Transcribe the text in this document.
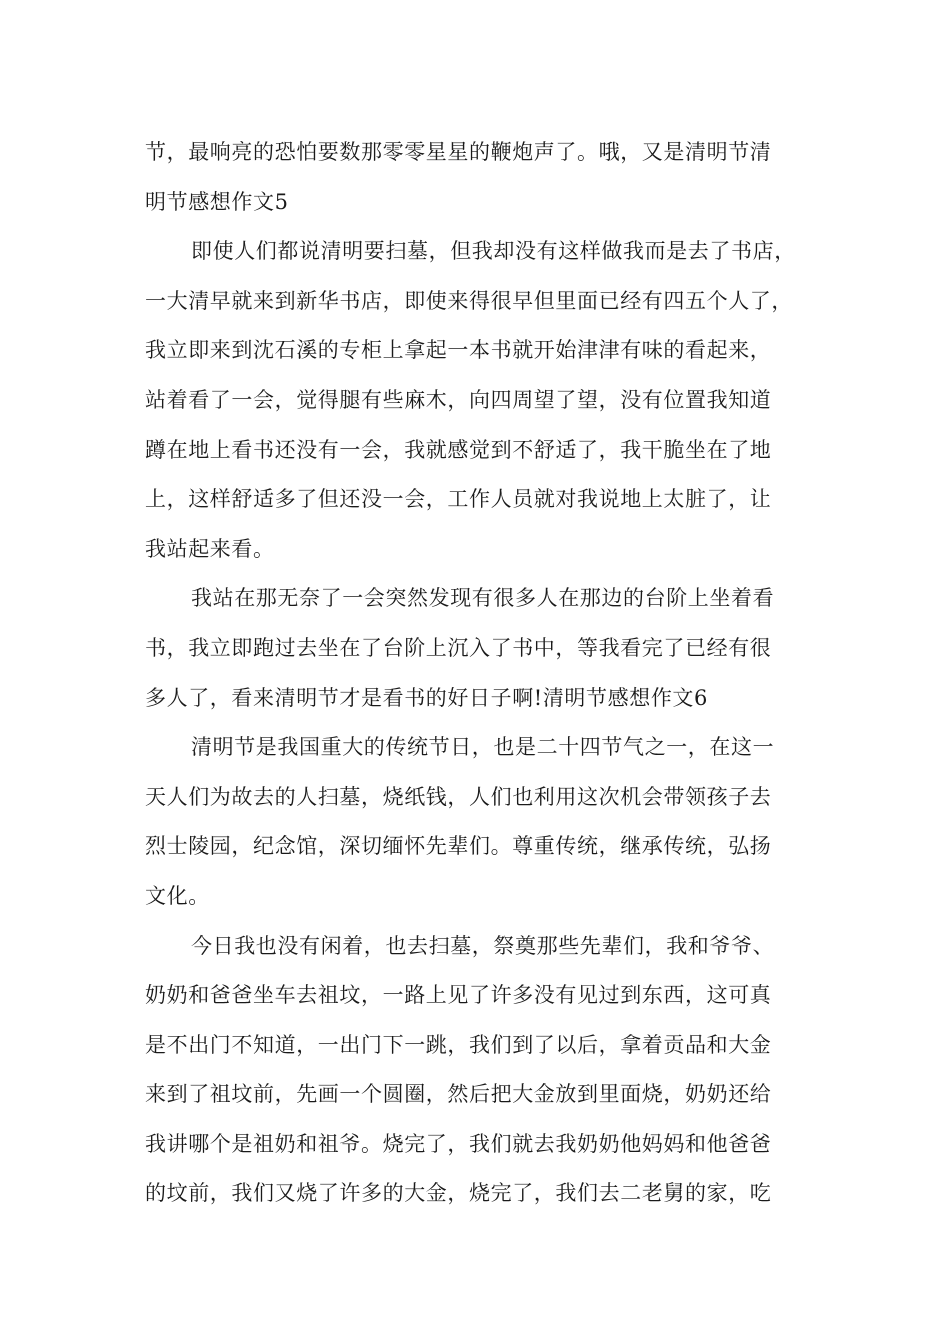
节，最响亮的恐怕要数那零零星星的鞭炮声了。哦，又是清明节清
明节感想作文5
即使人们都说清明要扫墓，但我却没有这样做我而是去了书店，
一大清早就来到新华书店，即使来得很早但里面已经有四五个人了，
我立即来到沈石溪的专柜上拿起一本书就开始津津有味的看起来，
站着看了一会，觉得腿有些麻木，向四周望了望，没有位置我知道
蹲在地上看书还没有一会，我就感觉到不舒适了，我干脆坐在了地
上，这样舒适多了但还没一会，工作人员就对我说地上太脏了，让
我站起来看。
我站在那无奈了一会突然发现有很多人在那边的台阶上坐着看
书，我立即跑过去坐在了台阶上沉入了书中，等我看完了已经有很
多人了，看来清明节才是看书的好日子啊!清明节感想作文6
清明节是我国重大的传统节日，也是二十四节气之一，在这一
天人们为故去的人扫墓，烧纸钱，人们也利用这次机会带领孩子去
烈士陵园，纪念馆，深切缅怀先辈们。尊重传统，继承传统，弘扬
文化。
今日我也没有闲着，也去扫墓，祭奠那些先辈们，我和爷爷、
奶奶和爸爸坐车去祖坟，一路上见了许多没有见过到东西，这可真
是不出门不知道，一出门下一跳，我们到了以后，拿着贡品和大金
来到了祖坟前，先画一个圆圈，然后把大金放到里面烧，奶奶还给
我讲哪个是祖奶和祖爷。烧完了，我们就去我奶奶他妈妈和他爸爸
的坟前，我们又烧了许多的大金，烧完了，我们去二老舅的家，吃
